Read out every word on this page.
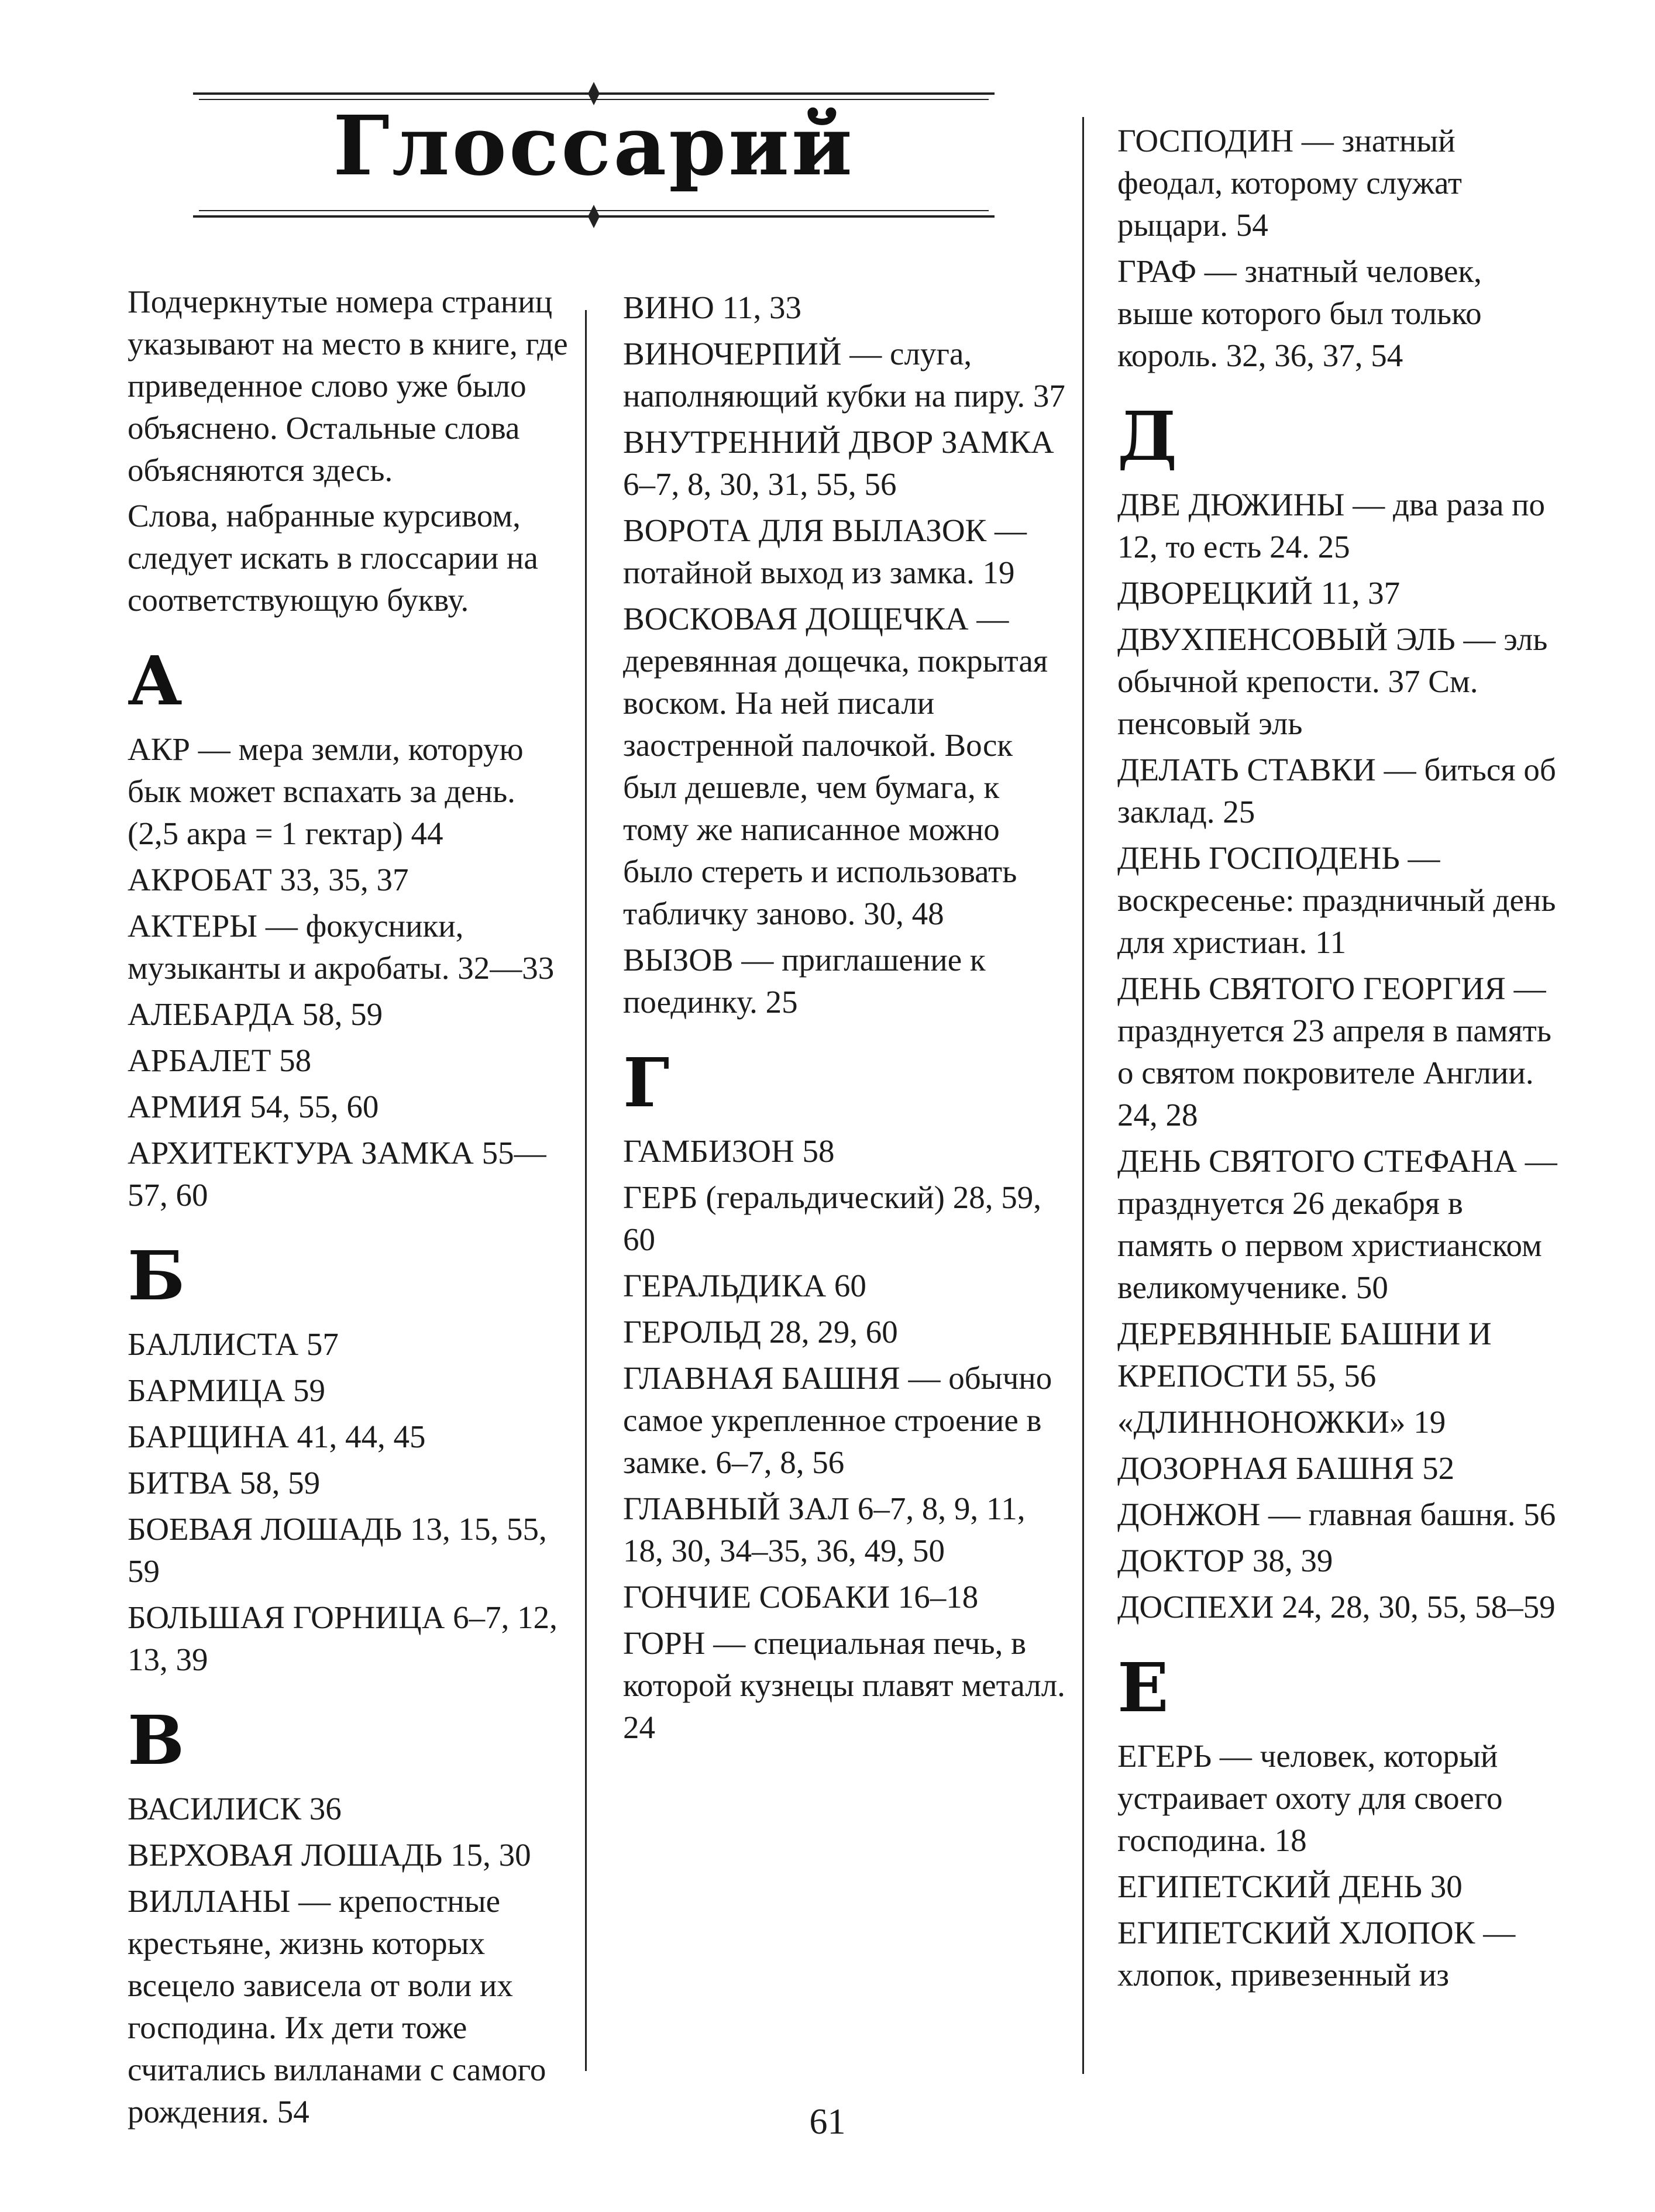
Глоссарий

Подчеркнутые номера страниц указывают на место в книге, где приведенное слово уже было объяснено. Остальные слова объясняются здесь.

Слова, набранные курсивом, следует искать в глоссарии на соответствующую букву.

А
АКР — мера земли, которую бык может вспахать за день. (2,5 акра = 1 гектар) 44
АКРОБАТ 33, 35, 37
АКТЕРЫ — фокусники, музыканты и акробаты. 32—33
АЛЕБАРДА 58, 59
АРБАЛЕТ 58
АРМИЯ 54, 55, 60
АРХИТЕКТУРА ЗАМКА 55—57, 60
Б
БАЛЛИСТА 57
БАРМИЦА 59
БАРЩИНА 41, 44, 45
БИТВА 58, 59
БОЕВАЯ ЛОШАДЬ 13, 15, 55, 59
БОЛЬШАЯ ГОРНИЦА 6–7, 12, 13, 39
В
ВАСИЛИСК 36
ВЕРХОВАЯ ЛОШАДЬ 15, 30
ВИЛЛАНЫ — крепостные крестьяне, жизнь которых всецело зависела от воли их господина. Их дети тоже считались вилланами с самого рождения. 54
ВИНО 11, 33
ВИНОЧЕРПИЙ — слуга, наполняющий кубки на пиру. 37
ВНУТРЕННИЙ ДВОР ЗАМКА 6–7, 8, 30, 31, 55, 56
ВОРОТА ДЛЯ ВЫЛАЗОК — потайной выход из замка. 19
ВОСКОВАЯ ДОЩЕЧКА — деревянная дощечка, покрытая воском. На ней писали заостренной палочкой. Воск был дешевле, чем бумага, к тому же написанное можно было стереть и использовать табличку заново. 30, 48
ВЫЗОВ — приглашение к поединку. 25
Г
ГАМБИЗОН 58
ГЕРБ (геральдический) 28, 59, 60
ГЕРАЛЬДИКА 60
ГЕРОЛЬД 28, 29, 60
ГЛАВНАЯ БАШНЯ — обычно самое укрепленное строение в замке. 6–7, 8, 56
ГЛАВНЫЙ ЗАЛ 6–7, 8, 9, 11, 18, 30, 34–35, 36, 49, 50
ГОНЧИЕ СОБАКИ 16–18
ГОРН — специальная печь, в которой кузнецы плавят металл. 24
ГОСПОДИН — знатный феодал, которому служат рыцари. 54
ГРАФ — знатный человек, выше которого был только король. 32, 36, 37, 54
Д
ДВЕ ДЮЖИНЫ — два раза по 12, то есть 24. 25
ДВОРЕЦКИЙ 11, 37
ДВУХПЕНСОВЫЙ ЭЛЬ — эль обычной крепости. 37 См. пенсовый эль
ДЕЛАТЬ СТАВКИ — биться об заклад. 25
ДЕНЬ ГОСПОДЕНЬ — воскресенье: праздничный день для христиан. 11
ДЕНЬ СВЯТОГО ГЕОРГИЯ — празднуется 23 апреля в память о святом покровителе Англии. 24, 28
ДЕНЬ СВЯТОГО СТЕФАНА — празднуется 26 декабря в память о первом христианском великомученике. 50
ДЕРЕВЯННЫЕ БАШНИ И КРЕПОСТИ 55, 56
«ДЛИННОНОЖКИ» 19
ДОЗОРНАЯ БАШНЯ 52
ДОНЖОН — главная башня. 56
ДОКТОР 38, 39
ДОСПЕХИ 24, 28, 30, 55, 58–59
Е
ЕГЕРЬ — человек, который устраивает охоту для своего господина. 18
ЕГИПЕТСКИЙ ДЕНЬ 30
ЕГИПЕТСКИЙ ХЛОПОК — хлопок, привезенный из
61
